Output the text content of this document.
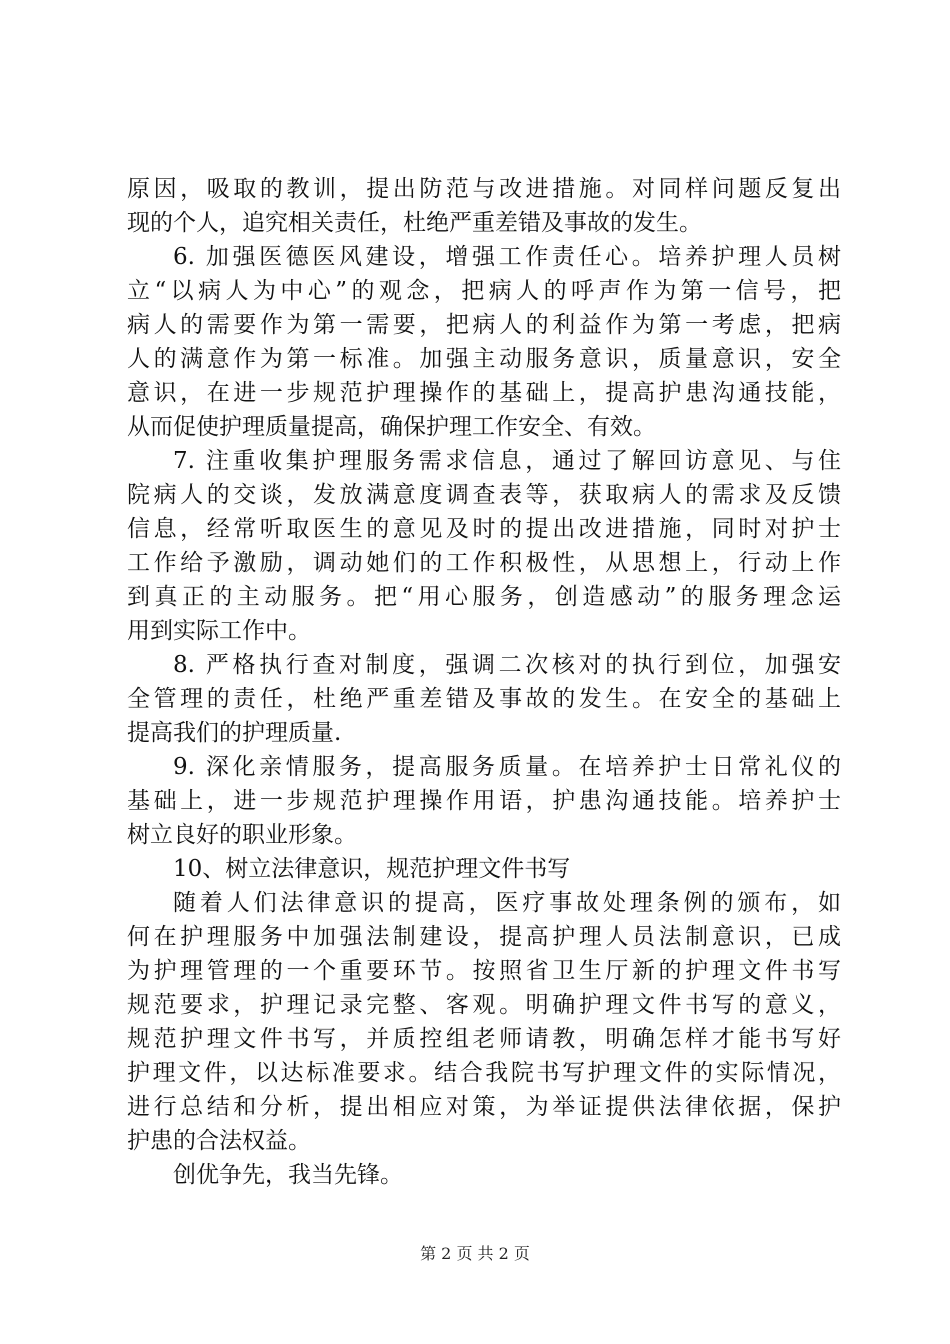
原因，吸取的教训，提出防范与改进措施。对同样问题反复出
现的个人，追究相关责任，杜绝严重差错及事故的发生。
6. 加强医德医风建设，增强工作责任心。培养护理人员树
立“以病人为中心”的观念，把病人的呼声作为第一信号，把
病人的需要作为第一需要，把病人的利益作为第一考虑，把病
人的满意作为第一标准。加强主动服务意识，质量意识，安全
意识，在进一步规范护理操作的基础上，提高护患沟通技能，
从而促使护理质量提高，确保护理工作安全、有效。
7. 注重收集护理服务需求信息，通过了解回访意见、与住
院病人的交谈，发放满意度调查表等，获取病人的需求及反馈
信息，经常听取医生的意见及时的提出改进措施，同时对护士
工作给予激励，调动她们的工作积极性，从思想上，行动上作
到真正的主动服务。把“用心服务，创造感动”的服务理念运
用到实际工作中。
8. 严格执行查对制度，强调二次核对的执行到位，加强安
全管理的责任，杜绝严重差错及事故的发生。在安全的基础上
提高我们的护理质量.
9. 深化亲情服务，提高服务质量。在培养护士日常礼仪的
基础上，进一步规范护理操作用语，护患沟通技能。培养护士
树立良好的职业形象。
10、树立法律意识，规范护理文件书写
随着人们法律意识的提高，医疗事故处理条例的颁布，如
何在护理服务中加强法制建设，提高护理人员法制意识，已成
为护理管理的一个重要环节。按照省卫生厅新的护理文件书写
规范要求，护理记录完整、客观。明确护理文件书写的意义，
规范护理文件书写，并质控组老师请教，明确怎样才能书写好
护理文件，以达标准要求。结合我院书写护理文件的实际情况，
进行总结和分析，提出相应对策，为举证提供法律依据，保护
护患的合法权益。
创优争先，我当先锋。
第 2 页 共 2 页
